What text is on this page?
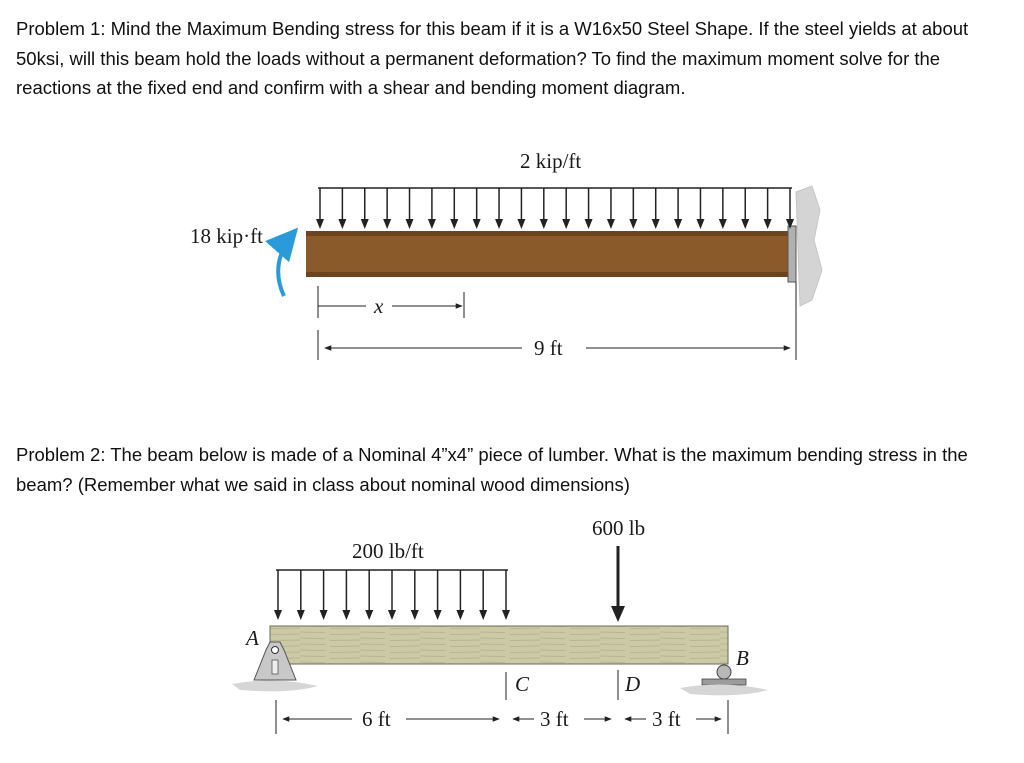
Problem 1: Mind the Maximum Bending stress for this beam if it is a W16x50 Steel Shape. If the steel yields at about 50ksi, will this beam hold the loads without a permanent deformation? To find the maximum moment solve for the reactions at the fixed end and confirm with a shear and bending moment diagram.
Problem 2: The beam below is made of a Nominal 4”x4” piece of lumber. What is the maximum bending stress in the beam? (Remember what we said in class about nominal wood dimensions)
2 kip/ft
18 kip·ft
x
9 ft
200 lb/ft
600 lb
A
B
C	D
6 ft	3 ft	3 ft
